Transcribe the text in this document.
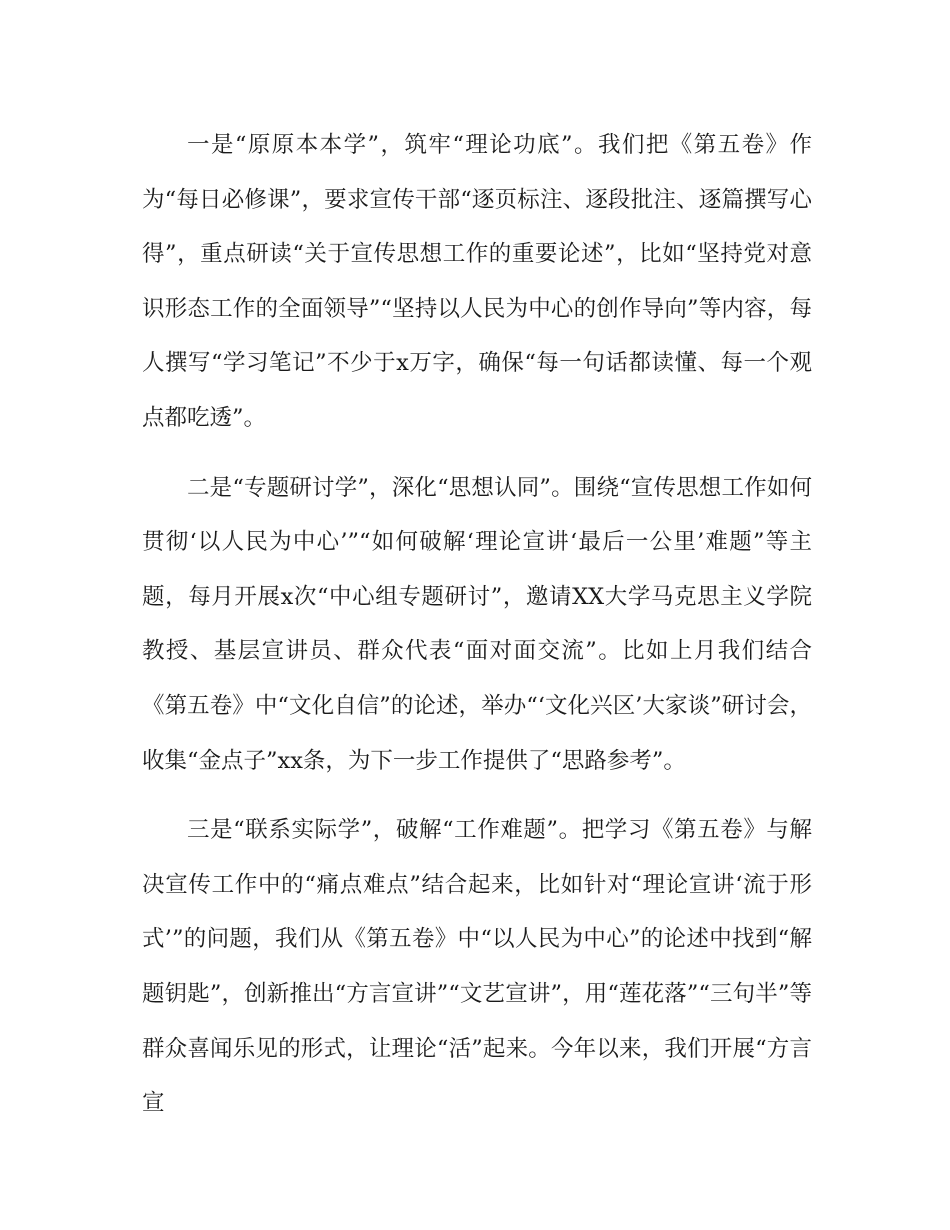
一是“原原本本学”，筑牢“理论功底”。我们把《第五卷》作为“每日必修课”，要求宣传干部“逐页标注、逐段批注、逐篇撰写心得”，重点研读“关于宣传思想工作的重要论述”，比如“坚持党对意识形态工作的全面领导”“坚持以人民为中心的创作导向”等内容，每人撰写“学习笔记”不少于x万字，确保“每一句话都读懂、每一个观点都吃透”。

二是“专题研讨学”，深化“思想认同”。围绕“宣传思想工作如何贯彻‘以人民为中心’”“如何破解‘理论宣讲‘最后一公里’难题”等主题，每月开展x次“中心组专题研讨”，邀请XX大学马克思主义学院教授、基层宣讲员、群众代表“面对面交流”。比如上月我们结合《第五卷》中“文化自信”的论述，举办“‘文化兴区’大家谈”研讨会，收集“金点子”xx条，为下一步工作提供了“思路参考”。

三是“联系实际学”，破解“工作难题”。把学习《第五卷》与解决宣传工作中的“痛点难点”结合起来，比如针对“理论宣讲‘流于形式’”的问题，我们从《第五卷》中“以人民为中心”的论述中找到“解题钥匙”，创新推出“方言宣讲”“文艺宣讲”，用“莲花落”“三句半”等群众喜闻乐见的形式，让理论“活”起来。今年以来，我们开展“方言宣
